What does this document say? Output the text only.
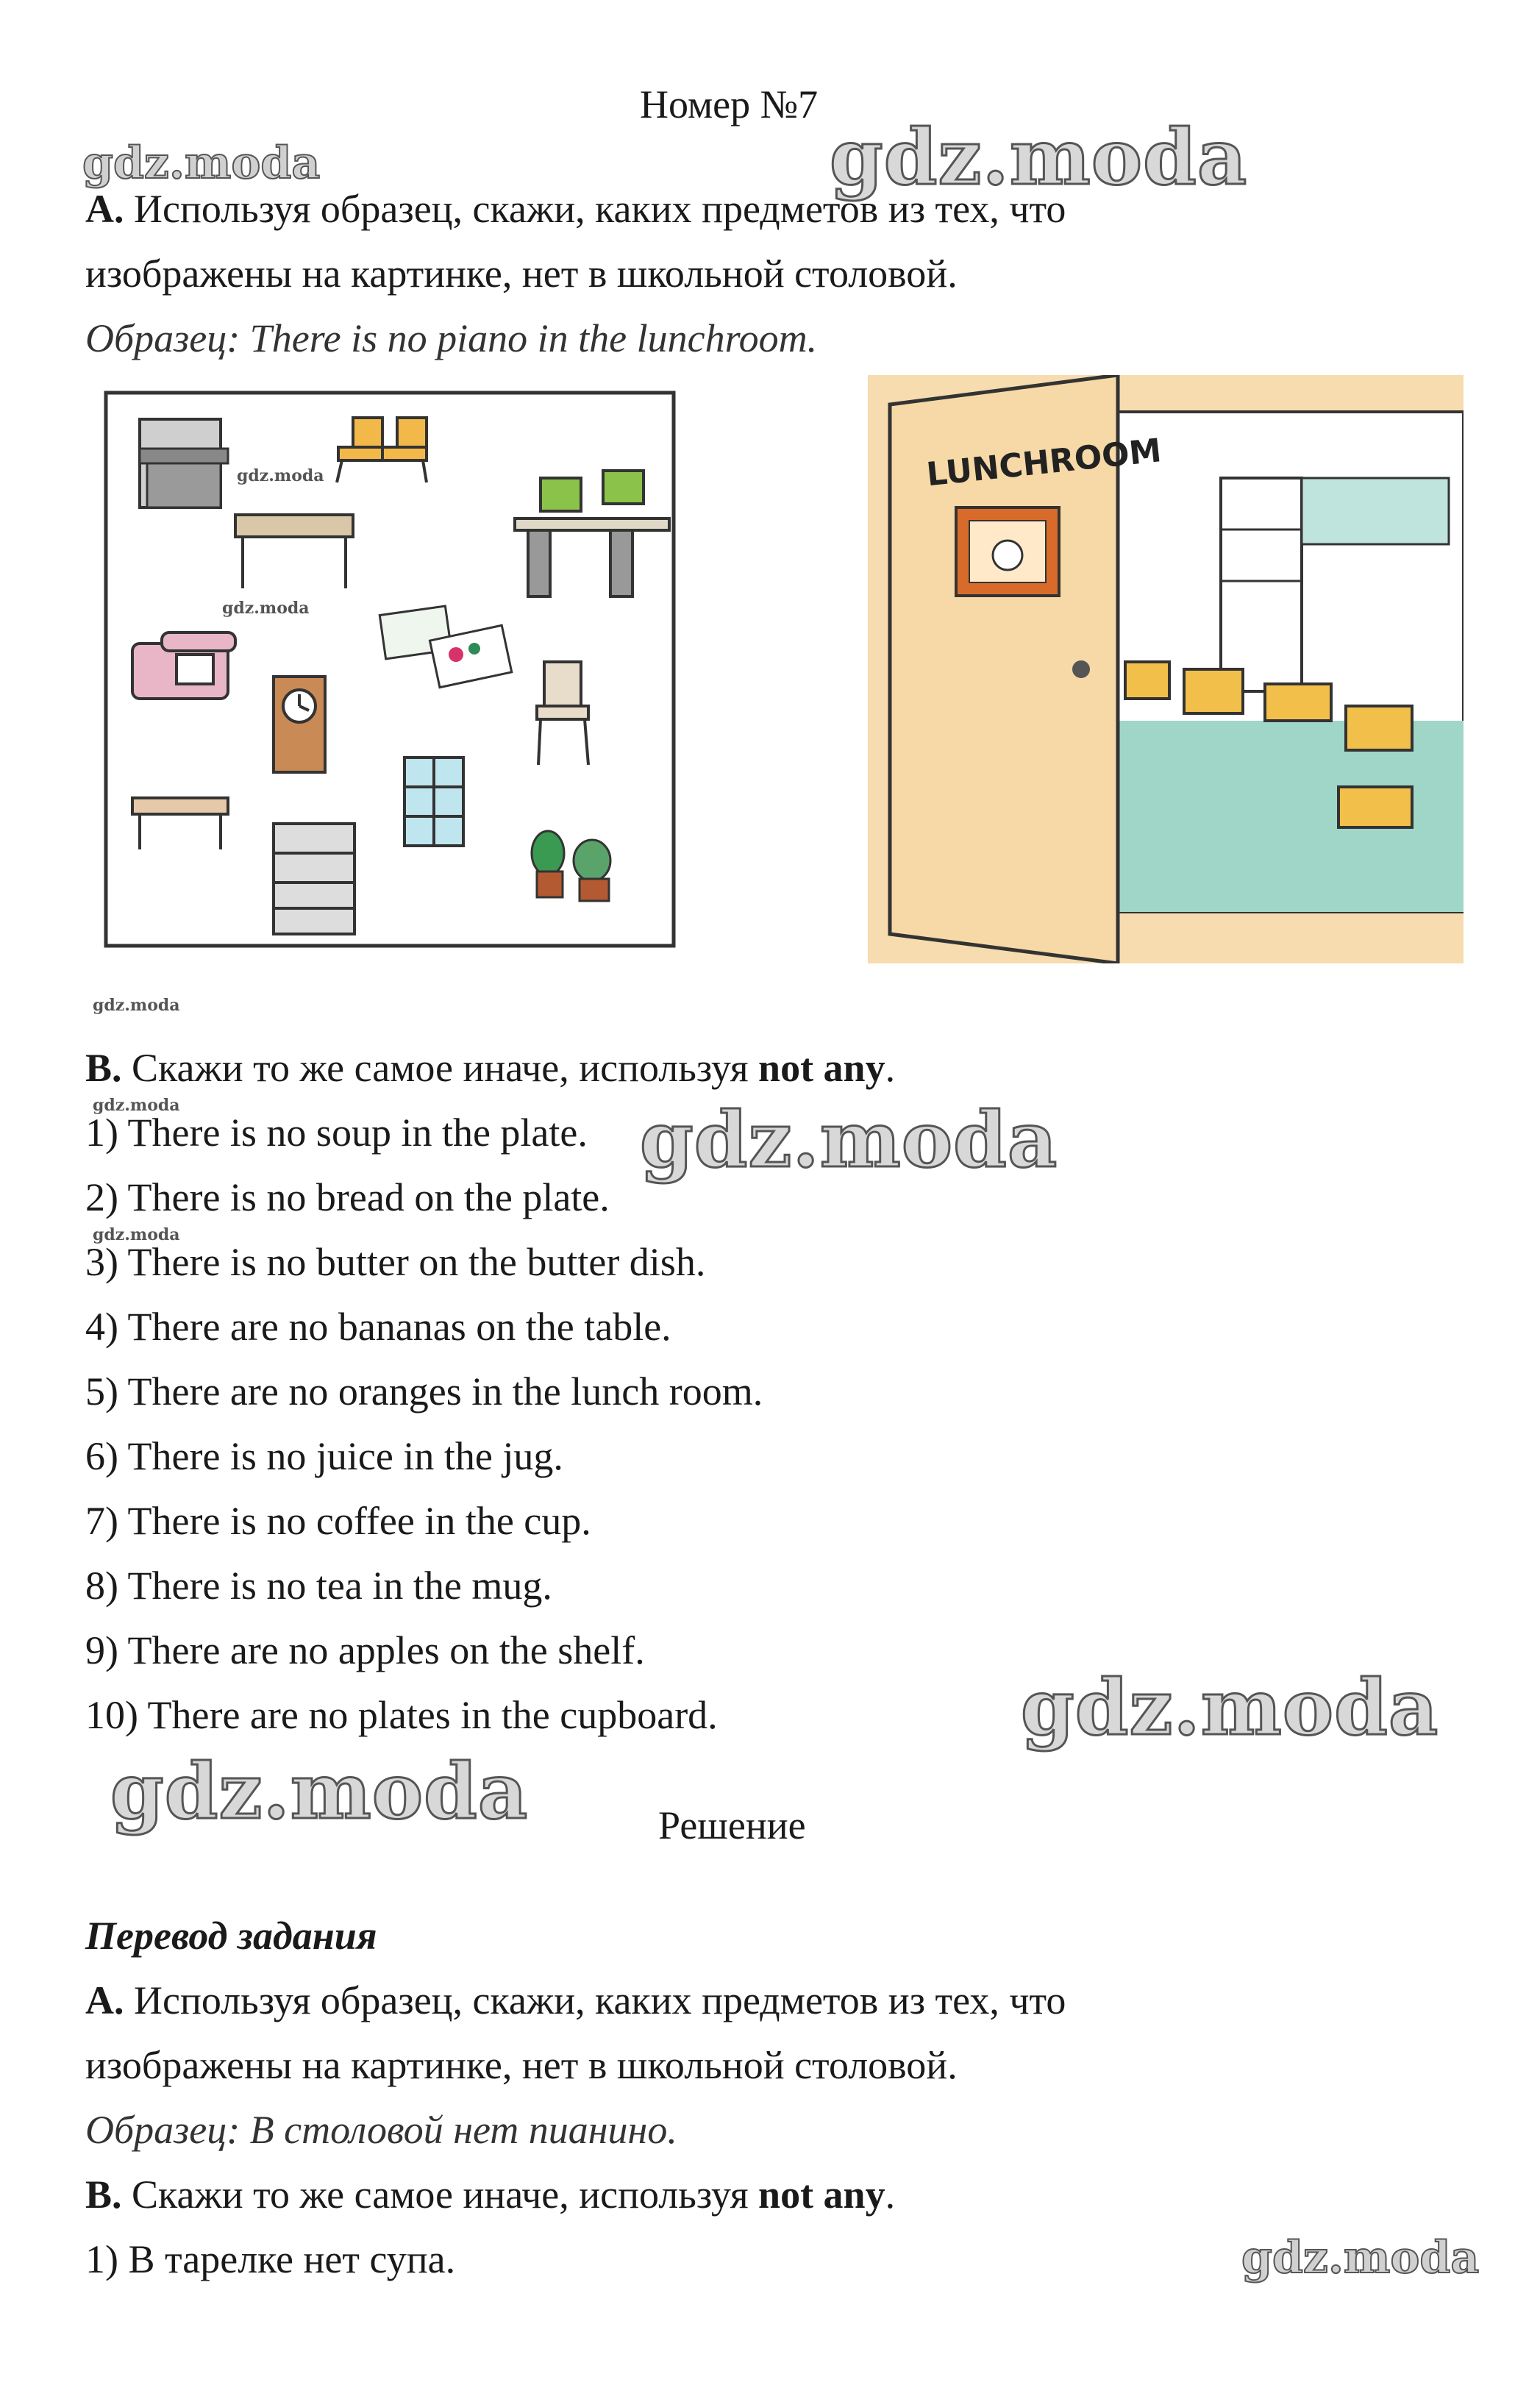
Номер №7
gdz.moda	gdz.moda
A. Используя образец, скажи, каких предметов из тех, что
изображены на картинке, нет в школьной столовой.
Образец: There is no piano in the lunchroom.
gdz.moda
gdz.moda
LUNCHROOM
gdz.moda
B. Скажи то же самое иначе, используя not any.
gdz.moda
1) There is no soup in the plate. gdz.moda
2) There is no bread on the plate.
gdz.moda
3) There is no butter on the butter dish.
4) There are no bananas on the table.
5) There are no oranges in the lunch room.
6) There is no juice in the jug.
7) There is no coffee in the cup.
8) There is no tea in the mug.
9) There are no apples on the shelf.
10) There are no plates in the cupboard.	gdz.moda
gdz.moda	Решение
Перевод задания
A. Используя образец, скажи, каких предметов из тех, что
изображены на картинке, нет в школьной столовой.
Образец: В столовой нет пианино.
B. Скажи то же самое иначе, используя not any.
1) В тарелке нет супа.	gdz.moda
